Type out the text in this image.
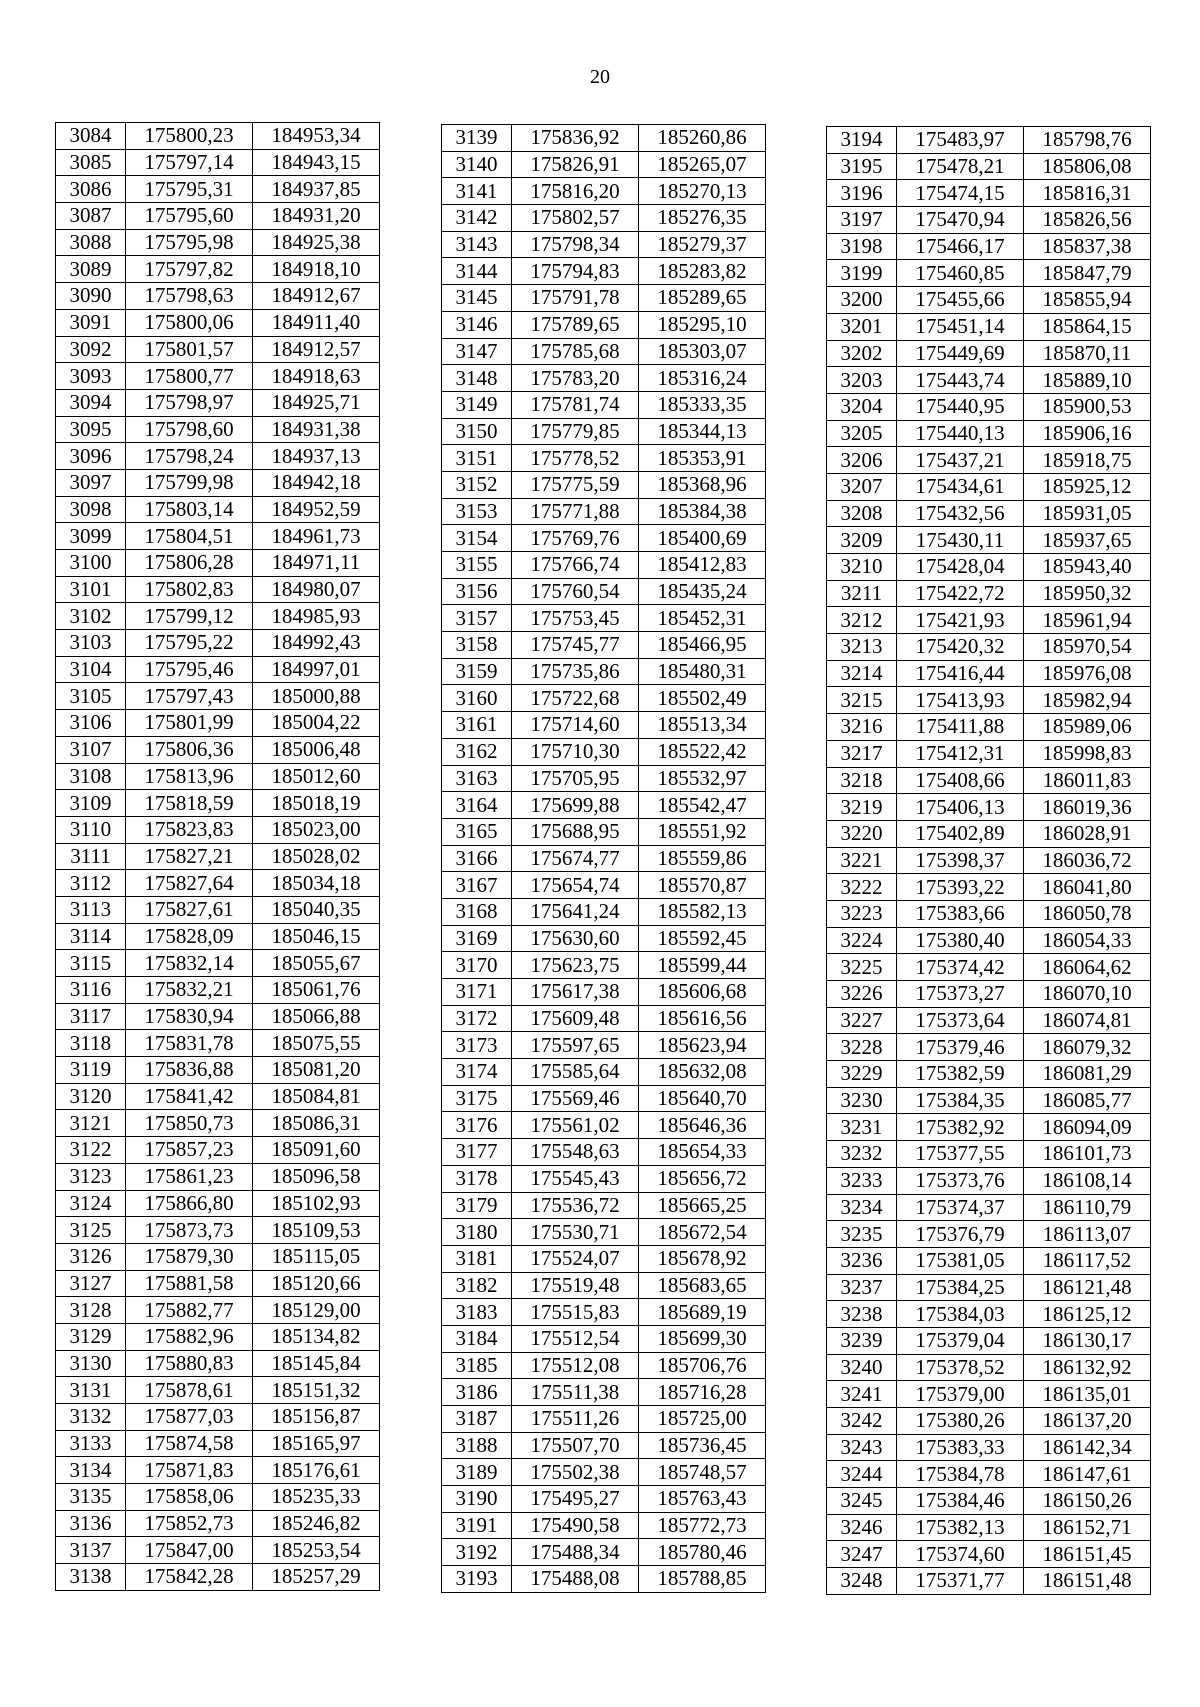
20
3084	175800,23	184953,34
3085	175797,14	184943,15
3086	175795,31	184937,85
3087	175795,60	184931,20
3088	175795,98	184925,38
3089	175797,82	184918,10
3090	175798,63	184912,67
3091	175800,06	184911,40
3092	175801,57	184912,57
3093	175800,77	184918,63
3094	175798,97	184925,71
3095	175798,60	184931,38
3096	175798,24	184937,13
3097	175799,98	184942,18
3098	175803,14	184952,59
3099	175804,51	184961,73
3100	175806,28	184971,11
3101	175802,83	184980,07
3102	175799,12	184985,93
3103	175795,22	184992,43
3104	175795,46	184997,01
3105	175797,43	185000,88
3106	175801,99	185004,22
3107	175806,36	185006,48
3108	175813,96	185012,60
3109	175818,59	185018,19
3110	175823,83	185023,00
3111	175827,21	185028,02
3112	175827,64	185034,18
3113	175827,61	185040,35
3114	175828,09	185046,15
3115	175832,14	185055,67
3116	175832,21	185061,76
3117	175830,94	185066,88
3118	175831,78	185075,55
3119	175836,88	185081,20
3120	175841,42	185084,81
3121	175850,73	185086,31
3122	175857,23	185091,60
3123	175861,23	185096,58
3124	175866,80	185102,93
3125	175873,73	185109,53
3126	175879,30	185115,05
3127	175881,58	185120,66
3128	175882,77	185129,00
3129	175882,96	185134,82
3130	175880,83	185145,84
3131	175878,61	185151,32
3132	175877,03	185156,87
3133	175874,58	185165,97
3134	175871,83	185176,61
3135	175858,06	185235,33
3136	175852,73	185246,82
3137	175847,00	185253,54
3138	175842,28	185257,29
3139	175836,92	185260,86
3140	175826,91	185265,07
3141	175816,20	185270,13
3142	175802,57	185276,35
3143	175798,34	185279,37
3144	175794,83	185283,82
3145	175791,78	185289,65
3146	175789,65	185295,10
3147	175785,68	185303,07
3148	175783,20	185316,24
3149	175781,74	185333,35
3150	175779,85	185344,13
3151	175778,52	185353,91
3152	175775,59	185368,96
3153	175771,88	185384,38
3154	175769,76	185400,69
3155	175766,74	185412,83
3156	175760,54	185435,24
3157	175753,45	185452,31
3158	175745,77	185466,95
3159	175735,86	185480,31
3160	175722,68	185502,49
3161	175714,60	185513,34
3162	175710,30	185522,42
3163	175705,95	185532,97
3164	175699,88	185542,47
3165	175688,95	185551,92
3166	175674,77	185559,86
3167	175654,74	185570,87
3168	175641,24	185582,13
3169	175630,60	185592,45
3170	175623,75	185599,44
3171	175617,38	185606,68
3172	175609,48	185616,56
3173	175597,65	185623,94
3174	175585,64	185632,08
3175	175569,46	185640,70
3176	175561,02	185646,36
3177	175548,63	185654,33
3178	175545,43	185656,72
3179	175536,72	185665,25
3180	175530,71	185672,54
3181	175524,07	185678,92
3182	175519,48	185683,65
3183	175515,83	185689,19
3184	175512,54	185699,30
3185	175512,08	185706,76
3186	175511,38	185716,28
3187	175511,26	185725,00
3188	175507,70	185736,45
3189	175502,38	185748,57
3190	175495,27	185763,43
3191	175490,58	185772,73
3192	175488,34	185780,46
3193	175488,08	185788,85
3194	175483,97	185798,76
3195	175478,21	185806,08
3196	175474,15	185816,31
3197	175470,94	185826,56
3198	175466,17	185837,38
3199	175460,85	185847,79
3200	175455,66	185855,94
3201	175451,14	185864,15
3202	175449,69	185870,11
3203	175443,74	185889,10
3204	175440,95	185900,53
3205	175440,13	185906,16
3206	175437,21	185918,75
3207	175434,61	185925,12
3208	175432,56	185931,05
3209	175430,11	185937,65
3210	175428,04	185943,40
3211	175422,72	185950,32
3212	175421,93	185961,94
3213	175420,32	185970,54
3214	175416,44	185976,08
3215	175413,93	185982,94
3216	175411,88	185989,06
3217	175412,31	185998,83
3218	175408,66	186011,83
3219	175406,13	186019,36
3220	175402,89	186028,91
3221	175398,37	186036,72
3222	175393,22	186041,80
3223	175383,66	186050,78
3224	175380,40	186054,33
3225	175374,42	186064,62
3226	175373,27	186070,10
3227	175373,64	186074,81
3228	175379,46	186079,32
3229	175382,59	186081,29
3230	175384,35	186085,77
3231	175382,92	186094,09
3232	175377,55	186101,73
3233	175373,76	186108,14
3234	175374,37	186110,79
3235	175376,79	186113,07
3236	175381,05	186117,52
3237	175384,25	186121,48
3238	175384,03	186125,12
3239	175379,04	186130,17
3240	175378,52	186132,92
3241	175379,00	186135,01
3242	175380,26	186137,20
3243	175383,33	186142,34
3244	175384,78	186147,61
3245	175384,46	186150,26
3246	175382,13	186152,71
3247	175374,60	186151,45
3248	175371,77	186151,48
